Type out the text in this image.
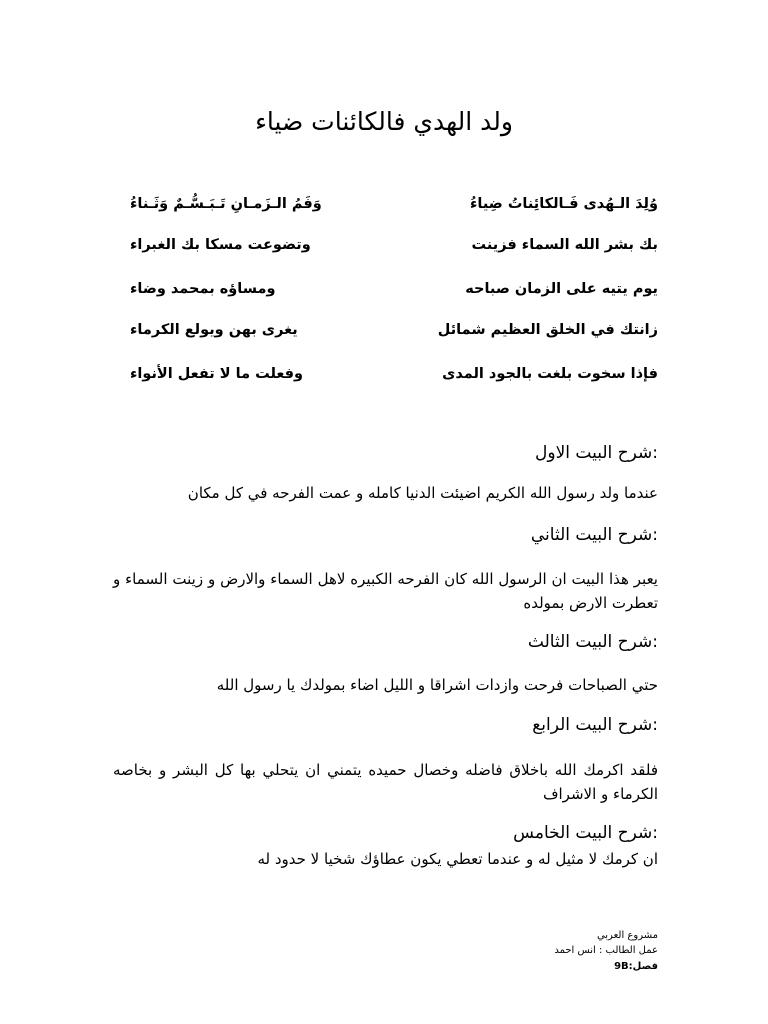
ولد الهدي فالكائنات ضياء
وُلِدَ الـهُدى فَـالكائِناتُ ضِياءُ
وَفَمُ الـزَمـانِ تَـبَـسُّـمٌ وَثَـناءُ
بك بشر الله السماء فزينت
وتضوعت مسكا بك الغبراء
يوم يتيه على الزمان صباحه
ومساؤه بمحمد وضاء
زانتك في الخلق العظيم شمائل
يغرى بهن ويولع الكرماء
فإذا سخوت بلغت بالجود المدى
وفعلت ما لا تفعل الأنواء
:شرح البيت الاول
عندما ولد رسول الله الكريم اضيئت الدنيا كامله و عمت الفرحه في كل مكان
:شرح البيت الثاني
يعبر هذا البيت ان الرسول الله كان الفرحه الكبيره لاهل السماء والارض و زينت السماء و تعطرت الارض بمولده
:شرح البيت الثالث
حتي الصباحات فرحت وازدات اشراقا و الليل اضاء بمولدك يا رسول الله
:شرح البيت الرابع
فلقد اكرمك الله باخلاق فاضله وخصال حميده يتمني ان يتحلي بها كل البشر و بخاصه الكرماء و الاشراف
:شرح البيت الخامس
ان كرمك لا مثيل له و عندما تعطي يكون عطاؤك شخيا لا حدود له
مشروع العربي
عمل الطالب : انس احمد
فصل:9B
